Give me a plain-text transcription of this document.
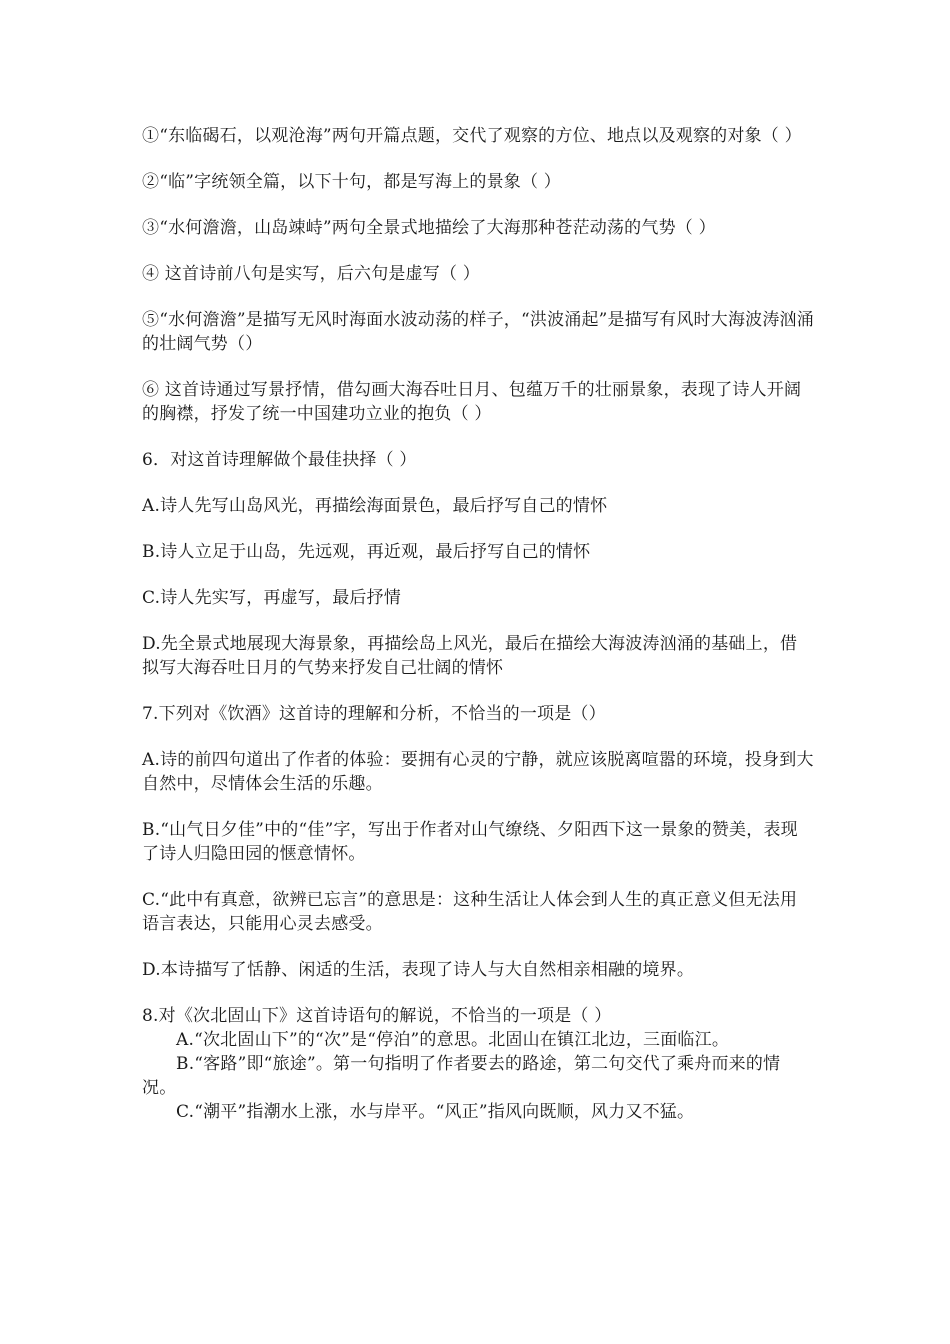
①“东临碣石，以观沧海”两句开篇点题，交代了观察的方位、地点以及观察的对象（ ）

②“临”字统领全篇，以下十句，都是写海上的景象（ ）

③“水何澹澹，山岛竦峙”两句全景式地描绘了大海那种苍茫动荡的气势（ ）

④ 这首诗前八句是实写，后六句是虚写（ ）

⑤“水何澹澹”是描写无风时海面水波动荡的样子，“洪波涌起”是描写有风时大海波涛汹涌的壮阔气势（）

⑥ 这首诗通过写景抒情，借勾画大海吞吐日月、包蕴万千的壮丽景象，表现了诗人开阔的胸襟，抒发了统一中国建功立业的抱负（ ）

6．对这首诗理解做个最佳抉择（ ）

A.诗人先写山岛风光，再描绘海面景色，最后抒写自己的情怀

B.诗人立足于山岛，先远观，再近观，最后抒写自己的情怀

C.诗人先实写，再虚写，最后抒情

D.先全景式地展现大海景象，再描绘岛上风光，最后在描绘大海波涛汹涌的基础上，借拟写大海吞吐日月的气势来抒发自己壮阔的情怀

7.下列对《饮酒》这首诗的理解和分析，不恰当的一项是（）

A.诗的前四句道出了作者的体验：要拥有心灵的宁静，就应该脱离喧嚣的环境，投身到大自然中，尽情体会生活的乐趣。

B.“山气日夕佳”中的“佳”字，写出于作者对山气缭绕、夕阳西下这一景象的赞美，表现了诗人归隐田园的惬意情怀。

C.“此中有真意，欲辨已忘言”的意思是：这种生活让人体会到人生的真正意义但无法用语言表达，只能用心灵去感受。

D.本诗描写了恬静、闲适的生活，表现了诗人与大自然相亲相融的境界。

8.对《次北固山下》这首诗语句的解说，不恰当的一项是（ ）

A.“次北固山下”的“次”是“停泊”的意思。北固山在镇江北边，三面临江。

B.“客路”即“旅途”。第一句指明了作者要去的路途，第二句交代了乘舟而来的情况。

C.“潮平”指潮水上涨，水与岸平。“风正”指风向既顺，风力又不猛。
